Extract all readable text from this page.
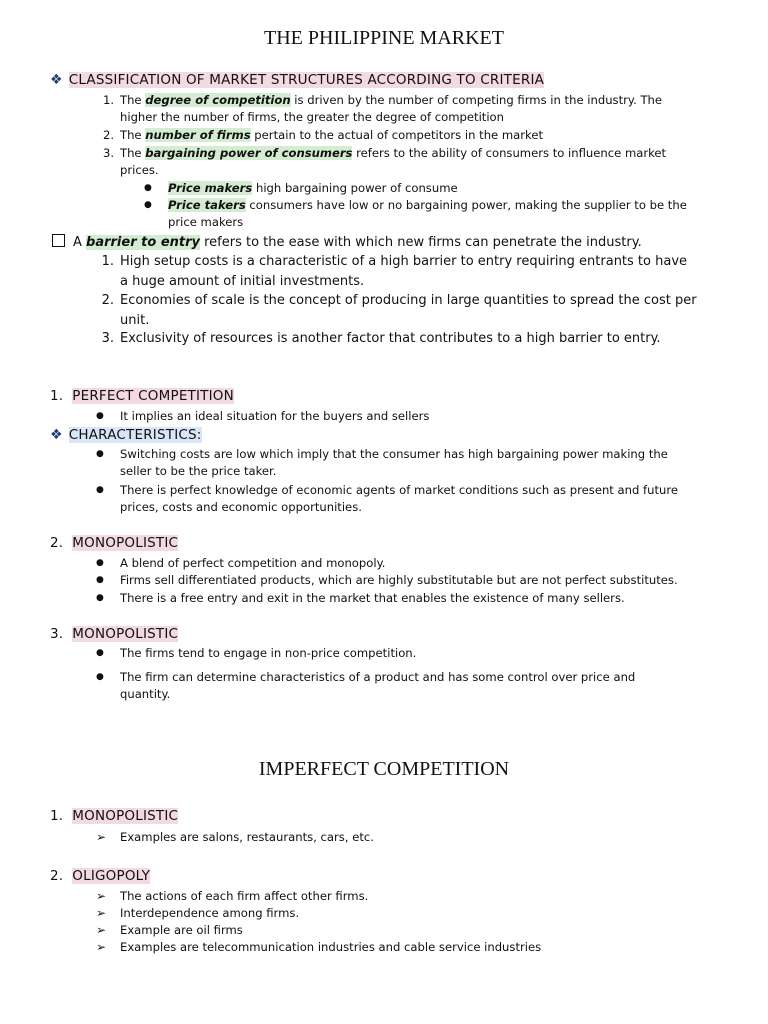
THE PHILIPPINE MARKET
❖ CLASSIFICATION OF MARKET STRUCTURES ACCORDING TO CRITERIA
1. The degree of competition is driven by the number of competing firms in the industry. The
higher the number of firms, the greater the degree of competition
2. The number of firms pertain to the actual of competitors in the market
3. The bargaining power of consumers refers to the ability of consumers to influence market
prices.
● Price makers high bargaining power of consume
● Price takers consumers have low or no bargaining power, making the supplier to be the
price makers
A barrier to entry refers to the ease with which new firms can penetrate the industry.
1. High setup costs is a characteristic of a high barrier to entry requiring entrants to have
a huge amount of initial investments.
2. Economies of scale is the concept of producing in large quantities to spread the cost per
unit.
3. Exclusivity of resources is another factor that contributes to a high barrier to entry.
1. PERFECT COMPETITION
● It implies an ideal situation for the buyers and sellers
❖ CHARACTERISTICS:
● Switching costs are low which imply that the consumer has high bargaining power making the
seller to be the price taker.
● There is perfect knowledge of economic agents of market conditions such as present and future
prices, costs and economic opportunities.
2. MONOPOLISTIC
● A blend of perfect competition and monopoly.
● Firms sell differentiated products, which are highly substitutable but are not perfect substitutes.
● There is a free entry and exit in the market that enables the existence of many sellers.
3. MONOPOLISTIC
● The firms tend to engage in non-price competition.
● The firm can determine characteristics of a product and has some control over price and
quantity.
IMPERFECT COMPETITION
1. MONOPOLISTIC
➢ Examples are salons, restaurants, cars, etc.
2. OLIGOPOLY
➢ The actions of each firm affect other firms.
➢ Interdependence among firms.
➢ Example are oil firms
➢ Examples are telecommunication industries and cable service industries
